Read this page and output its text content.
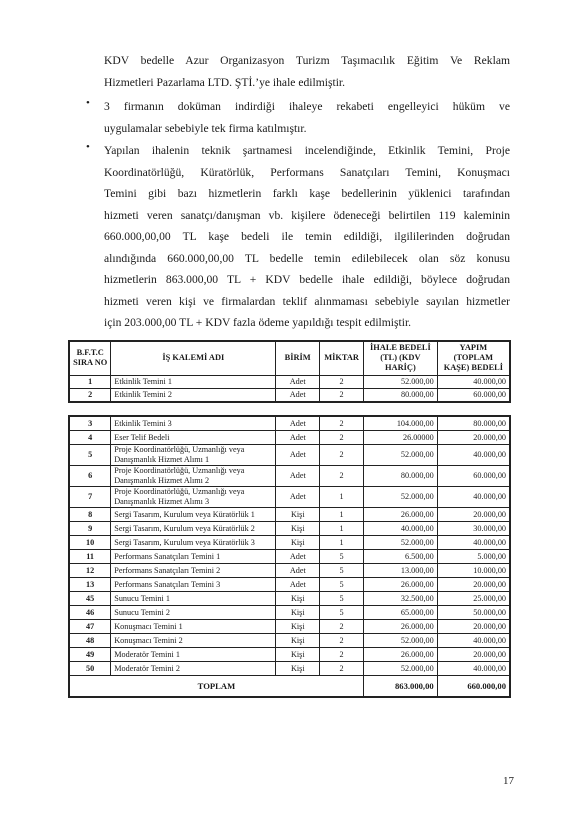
KDV bedelle Azur Organizasyon Turizm Taşımacılık Eğitim Ve Reklam
Hizmetleri Pazarlama LTD. ŞTİ.’ye ihale edilmiştir.
• 3 firmanın doküman indirdiği ihaleye rekabeti engelleyici hüküm ve
uygulamalar sebebiyle tek firma katılmıştır.
• Yapılan ihalenin teknik şartnamesi incelendiğinde, Etkinlik Temini, Proje
Koordinatörlüğü, Küratörlük, Performans Sanatçıları Temini, Konuşmacı
Temini gibi bazı hizmetlerin farklı kaşe bedellerinin yüklenici tarafından
hizmeti veren sanatçı/danışman vb. kişilere ödeneceği belirtilen 119 kaleminin
660.000,00,00 TL kaşe bedeli ile temin edildiği, ilgililerinden doğrudan
alındığında 660.000,00,00 TL bedelle temin edilebilecek olan söz konusu
hizmetlerin 863.000,00 TL + KDV bedelle ihale edildiği, böylece doğrudan
hizmeti veren kişi ve firmalardan teklif alınmaması sebebiyle sayılan hizmetler
için 203.000,00 TL + KDV fazla ödeme yapıldığı tespit edilmiştir.
B.F.T.C SIRA NO	İŞ KALEMİ ADI	BİRİM	MİKTAR	İHALE BEDELİ (TL) (KDV HARİÇ)	YAPIM (TOPLAM KAŞE) BEDELİ
1	Etkinlik Temini 1	Adet	2	52.000,00	40.000,00
2	Etkinlik Temini 2	Adet	2	80.000,00	60.000,00
3	Etkinlik Temini 3	Adet	2	104.000,00	80.000,00
4	Eser Telif Bedeli	Adet	2	26.00000	20.000,00
5	Proje Koordinatörlüğü, Uzmanlığı veya Danışmanlık Hizmet Alımı 1	Adet	2	52.000,00	40.000,00
6	Proje Koordinatörlüğü, Uzmanlığı veya Danışmanlık Hizmet Alımı 2	Adet	2	80.000,00	60.000,00
7	Proje Koordinatörlüğü, Uzmanlığı veya Danışmanlık Hizmet Alımı 3	Adet	1	52.000,00	40.000,00
8	Sergi Tasarım, Kurulum veya Küratörlük 1	Kişi	1	26.000,00	20.000,00
9	Sergi Tasarım, Kurulum veya Küratörlük 2	Kişi	1	40.000,00	30.000,00
10	Sergi Tasarım, Kurulum veya Küratörlük 3	Kişi	1	52.000,00	40.000,00
11	Performans Sanatçıları Temini 1	Adet	5	6.500,00	5.000,00
12	Performans Sanatçıları Temini 2	Adet	5	13.000,00	10.000,00
13	Performans Sanatçıları Temini 3	Adet	5	26.000,00	20.000,00
45	Sunucu Temini 1	Kişi	5	32.500,00	25.000,00
46	Sunucu Temini 2	Kişi	5	65.000,00	50.000,00
47	Konuşmacı Temini 1	Kişi	2	26.000,00	20.000,00
48	Konuşmacı Temini 2	Kişi	2	52.000,00	40.000,00
49	Moderatör Temini 1	Kişi	2	26.000,00	20.000,00
50	Moderatör Temini 2	Kişi	2	52.000,00	40.000,00
TOPLAM				863.000,00	660.000,00
17
